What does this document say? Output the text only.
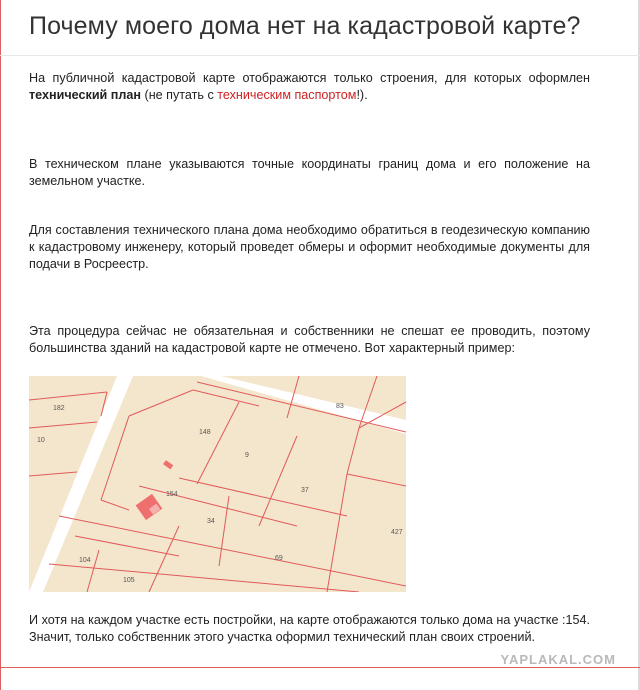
Почему моего дома нет на кадастровой карте?

На публичной кадастровой карте отображаются только строения, для которых оформлен технический план (не путать с техническим паспортом!).

В техническом плане указываются точные координаты границ дома и его положение на земельном участке.

Для составления технического плана дома необходимо обратиться в геодезическую компанию к кадастровому инженеру, который проведет обмеры и оформит необходимые документы для подачи в Росреестр.

Эта процедура сейчас не обязательная и собственники не спешат ее проводить, поэтому большинства зданий на кадастровой карте не отмечено. Вот характерный пример:

182
10
148
9
83
154
37
34
427
69
104
105

И хотя на каждом участке есть постройки, на карте отображаются только дома на участке :154. Значит, только собственник этого участка оформил технический план своих строений.

YAPLAKAL.COM
